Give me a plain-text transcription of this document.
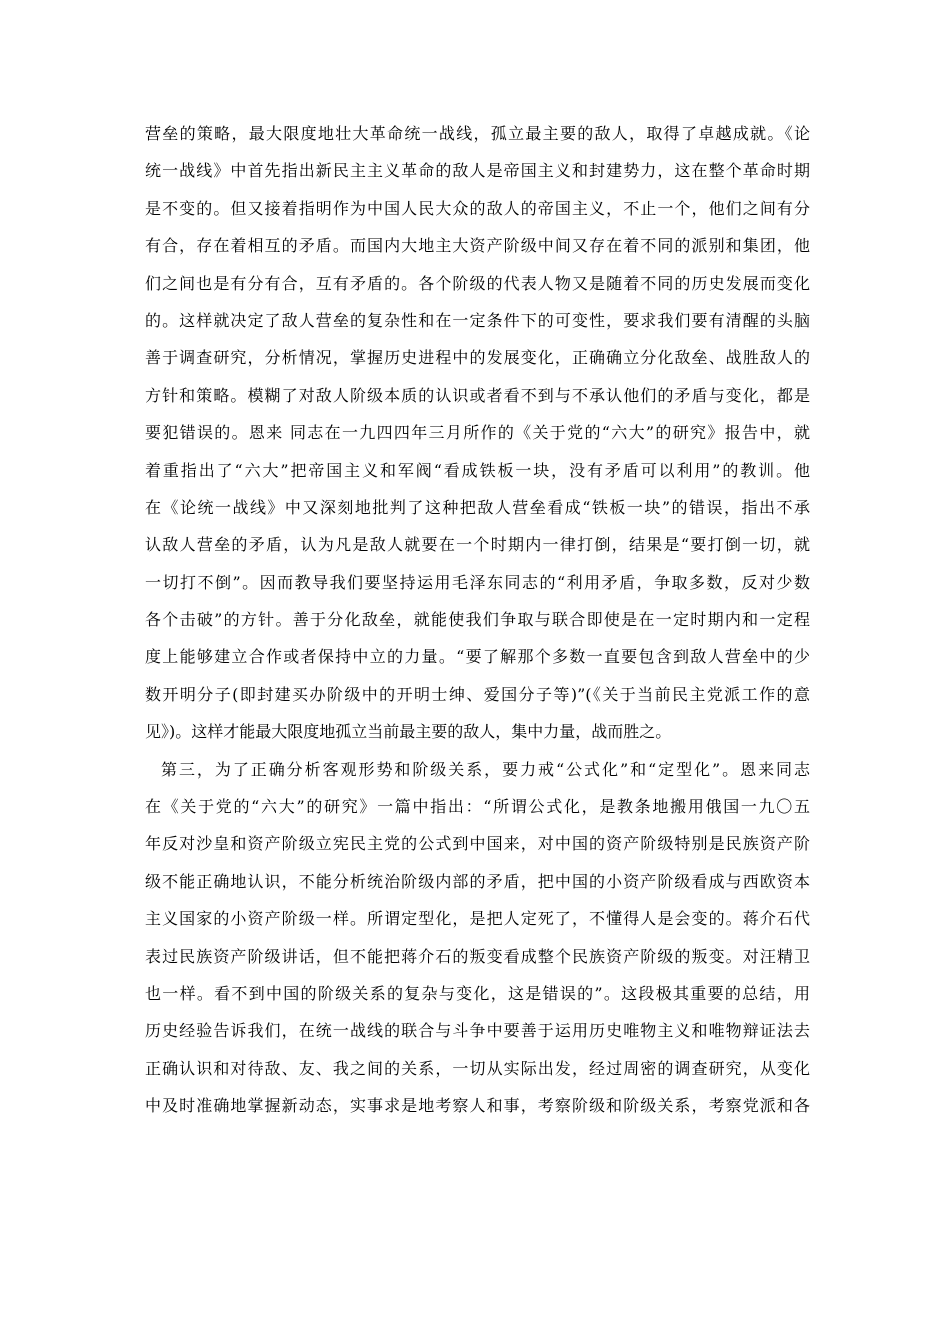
营垒的策略，最大限度地壮大革命统一战线，孤立最主要的敌人，取得了卓越成就。《论
统一战线》中首先指出新民主主义革命的敌人是帝国主义和封建势力，这在整个革命时期
是不变的。但又接着指明作为中国人民大众的敌人的帝国主义，不止一个，他们之间有分
有合，存在着相互的矛盾。而国内大地主大资产阶级中间又存在着不同的派别和集团，他
们之间也是有分有合，互有矛盾的。各个阶级的代表人物又是随着不同的历史发展而变化
的。这样就决定了敌人营垒的复杂性和在一定条件下的可变性，要求我们要有清醒的头脑
善于调查研究，分析情况，掌握历史进程中的发展变化，正确确立分化敌垒、战胜敌人的
方针和策略。模糊了对敌人阶级本质的认识或者看不到与不承认他们的矛盾与变化，都是
要犯错误的。恩来 同志在一九四四年三月所作的《关于党的“六大”的研究》报告中，就
着重指出了“六大”把帝国主义和军阀“看成铁板一块，没有矛盾可以利用”的教训。他
在《论统一战线》中又深刻地批判了这种把敌人营垒看成“铁板一块”的错误，指出不承
认敌人营垒的矛盾，认为凡是敌人就要在一个时期内一律打倒，结果是“要打倒一切，就
一切打不倒”。因而教导我们要坚持运用毛泽东同志的“利用矛盾，争取多数，反对少数
各个击破”的方针。善于分化敌垒，就能使我们争取与联合即使是在一定时期内和一定程
度上能够建立合作或者保持中立的力量。“要了解那个多数一直要包含到敌人营垒中的少
数开明分子(即封建买办阶级中的开明士绅、爱国分子等)”(《关于当前民主党派工作的意
见》)。这样才能最大限度地孤立当前最主要的敌人，集中力量，战而胜之。
第三，为了正确分析客观形势和阶级关系，要力戒“公式化”和“定型化”。恩来同志
在《关于党的“六大”的研究》一篇中指出：“所谓公式化，是教条地搬用俄国一九〇五
年反对沙皇和资产阶级立宪民主党的公式到中国来，对中国的资产阶级特别是民族资产阶
级不能正确地认识，不能分析统治阶级内部的矛盾，把中国的小资产阶级看成与西欧资本
主义国家的小资产阶级一样。所谓定型化，是把人定死了，不懂得人是会变的。蒋介石代
表过民族资产阶级讲话，但不能把蒋介石的叛变看成整个民族资产阶级的叛变。对汪精卫
也一样。看不到中国的阶级关系的复杂与变化，这是错误的”。这段极其重要的总结，用
历史经验告诉我们，在统一战线的联合与斗争中要善于运用历史唯物主义和唯物辩证法去
正确认识和对待敌、友、我之间的关系，一切从实际出发，经过周密的调查研究，从变化
中及时准确地掌握新动态，实事求是地考察人和事，考察阶级和阶级关系，考察党派和各
